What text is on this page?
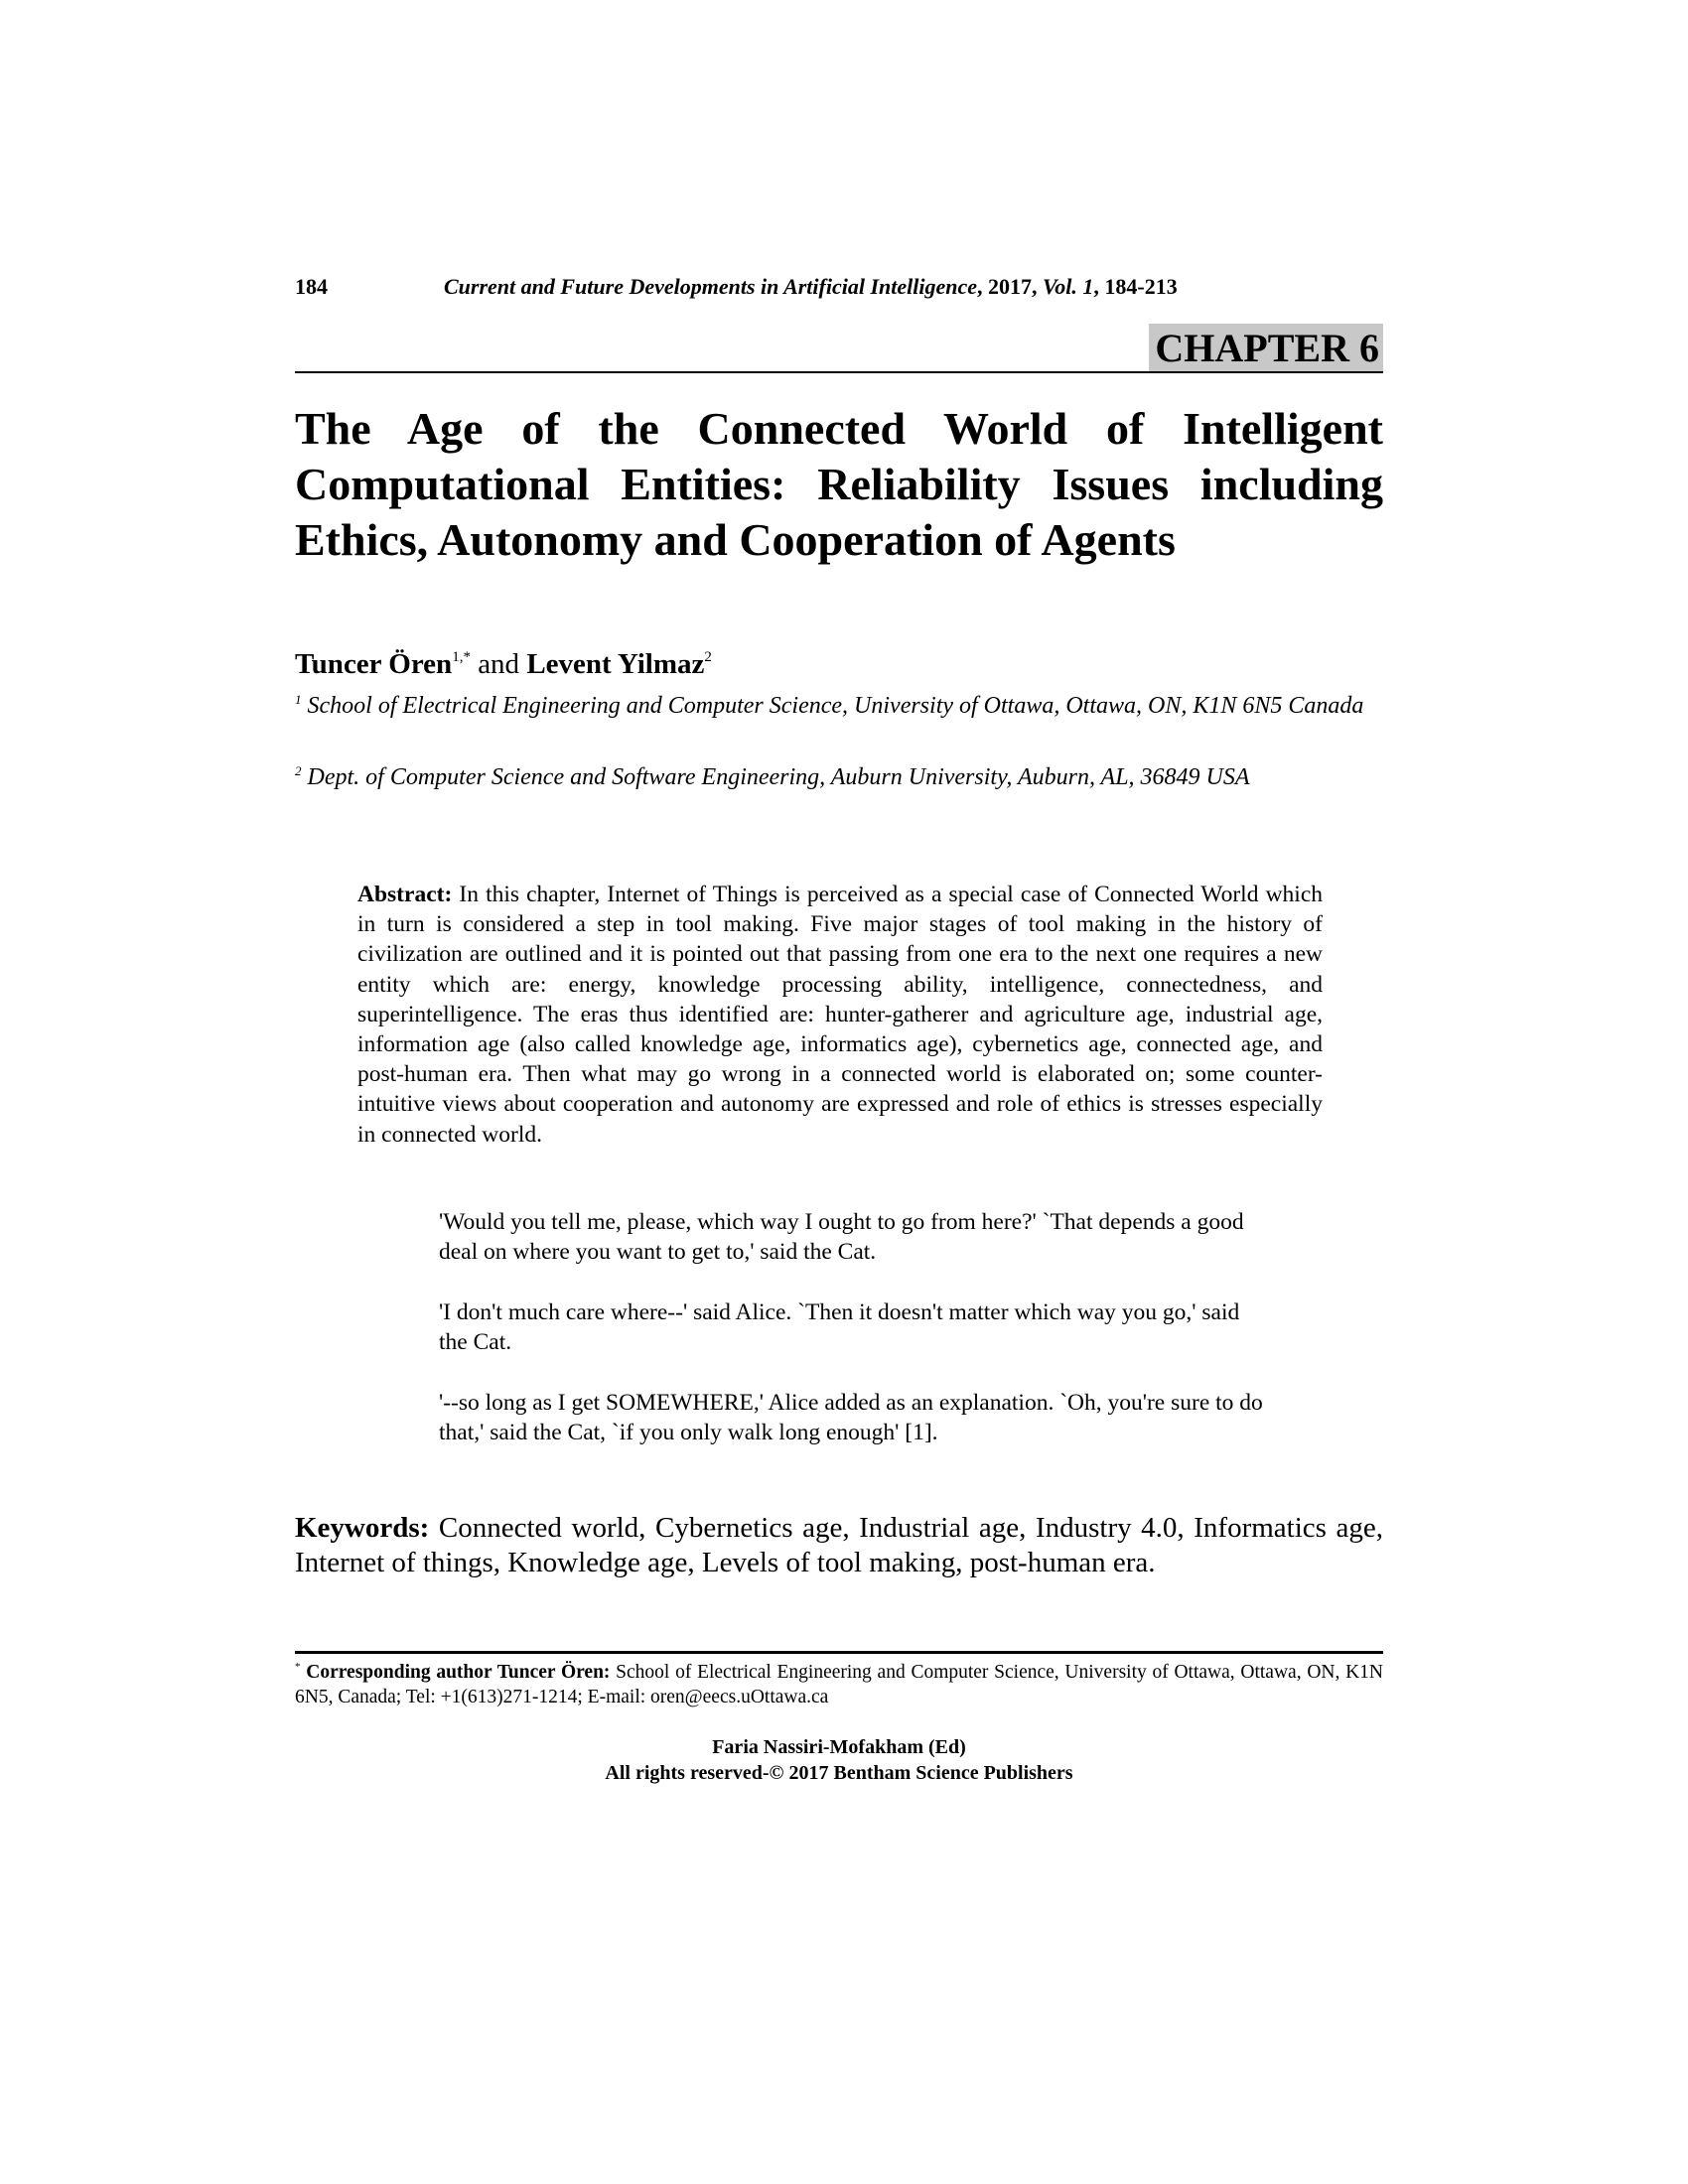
184	Current and Future Developments in Artificial Intelligence, 2017, Vol. 1, 184-213
CHAPTER 6
The Age of the Connected World of Intelligent Computational Entities: Reliability Issues including Ethics, Autonomy and Cooperation of Agents
Tuncer Ören$^{1,*}$ and Levent Yilmaz$^2$

$^1$ School of Electrical Engineering and Computer Science, University of Ottawa, Ottawa, ON, K1N 6N5 Canada

$^2$ Dept. of Computer Science and Software Engineering, Auburn University, Auburn, AL, 36849 USA

Abstract: In this chapter, Internet of Things is perceived as a special case of Connected World which in turn is considered a step in tool making. Five major stages of tool making in the history of civilization are outlined and it is pointed out that passing from one era to the next one requires a new entity which are: energy, knowledge processing ability, intelligence, connectedness, and superintelligence. The eras thus identified are: hunter-gatherer and agriculture age, industrial age, information age (also called knowledge age, informatics age), cybernetics age, connected age, and post-human era. Then what may go wrong in a connected world is elaborated on; some counter-intuitive views about cooperation and autonomy are expressed and role of ethics is stresses especially in connected world.

'Would you tell me, please, which way I ought to go from here?' `That depends a good deal on where you want to get to,' said the Cat.

'I don't much care where--' said Alice. `Then it doesn't matter which way you go,' said the Cat.

'--so long as I get SOMEWHERE,' Alice added as an explanation. `Oh, you're sure to do that,' said the Cat, `if you only walk long enough' [1].

Keywords: Connected world, Cybernetics age, Industrial age, Industry 4.0, Informatics age, Internet of things, Knowledge age, Levels of tool making, post-human era.

* Corresponding author Tuncer Ören: School of Electrical Engineering and Computer Science, University of Ottawa, Ottawa, ON, K1N 6N5, Canada; Tel: +1(613)271-1214; E-mail: oren@eecs.uOttawa.ca

Faria Nassiri-Mofakham (Ed)
All rights reserved-© 2017 Bentham Science Publishers
